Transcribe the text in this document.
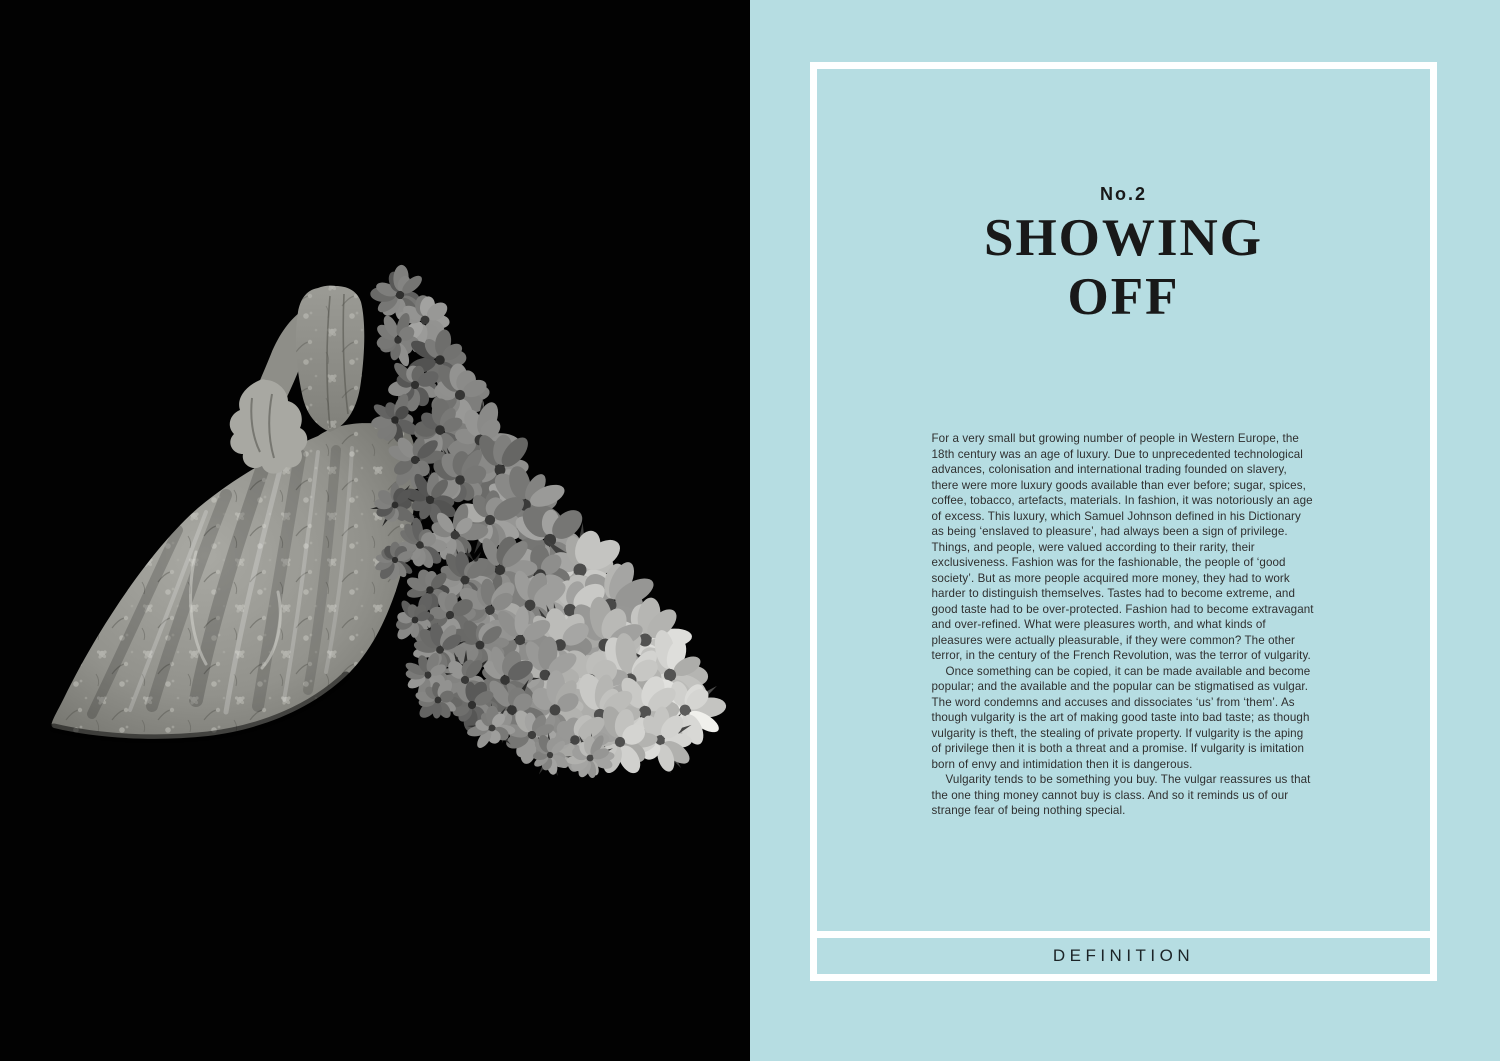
No.2
SHOWING
OFF

For a very small but growing number of people in Western Europe, the 18th century was an age of luxury. Due to unprecedented technological advances, colonisation and international trading founded on slavery, there were more luxury goods available than ever before; sugar, spices, coffee, tobacco, artefacts, materials. In fashion, it was notoriously an age of excess. This luxury, which Samuel Johnson defined in his Dictionary as being ‘enslaved to pleasure’, had always been a sign of privilege. Things, and people, were valued according to their rarity, their exclusiveness. Fashion was for the fashionable, the people of ‘good society’. But as more people acquired more money, they had to work harder to distinguish themselves. Tastes had to become extreme, and good taste had to be over-protected. Fashion had to become extravagant and over-refined. What were pleasures worth, and what kinds of pleasures were actually pleasurable, if they were common? The other terror, in the century of the French Revolution, was the terror of vulgarity.

Once something can be copied, it can be made available and become popular; and the available and the popular can be stigmatised as vulgar. The word condemns and accuses and dissociates ‘us’ from ‘them’. As though vulgarity is the art of making good taste into bad taste; as though vulgarity is theft, the stealing of private property. If vulgarity is the aping of privilege then it is both a threat and a promise. If vulgarity is imitation born of envy and intimidation then it is dangerous.

Vulgarity tends to be something you buy. The vulgar reassures us that the one thing money cannot buy is class. And so it reminds us of our strange fear of being nothing special.

DEFINITION
